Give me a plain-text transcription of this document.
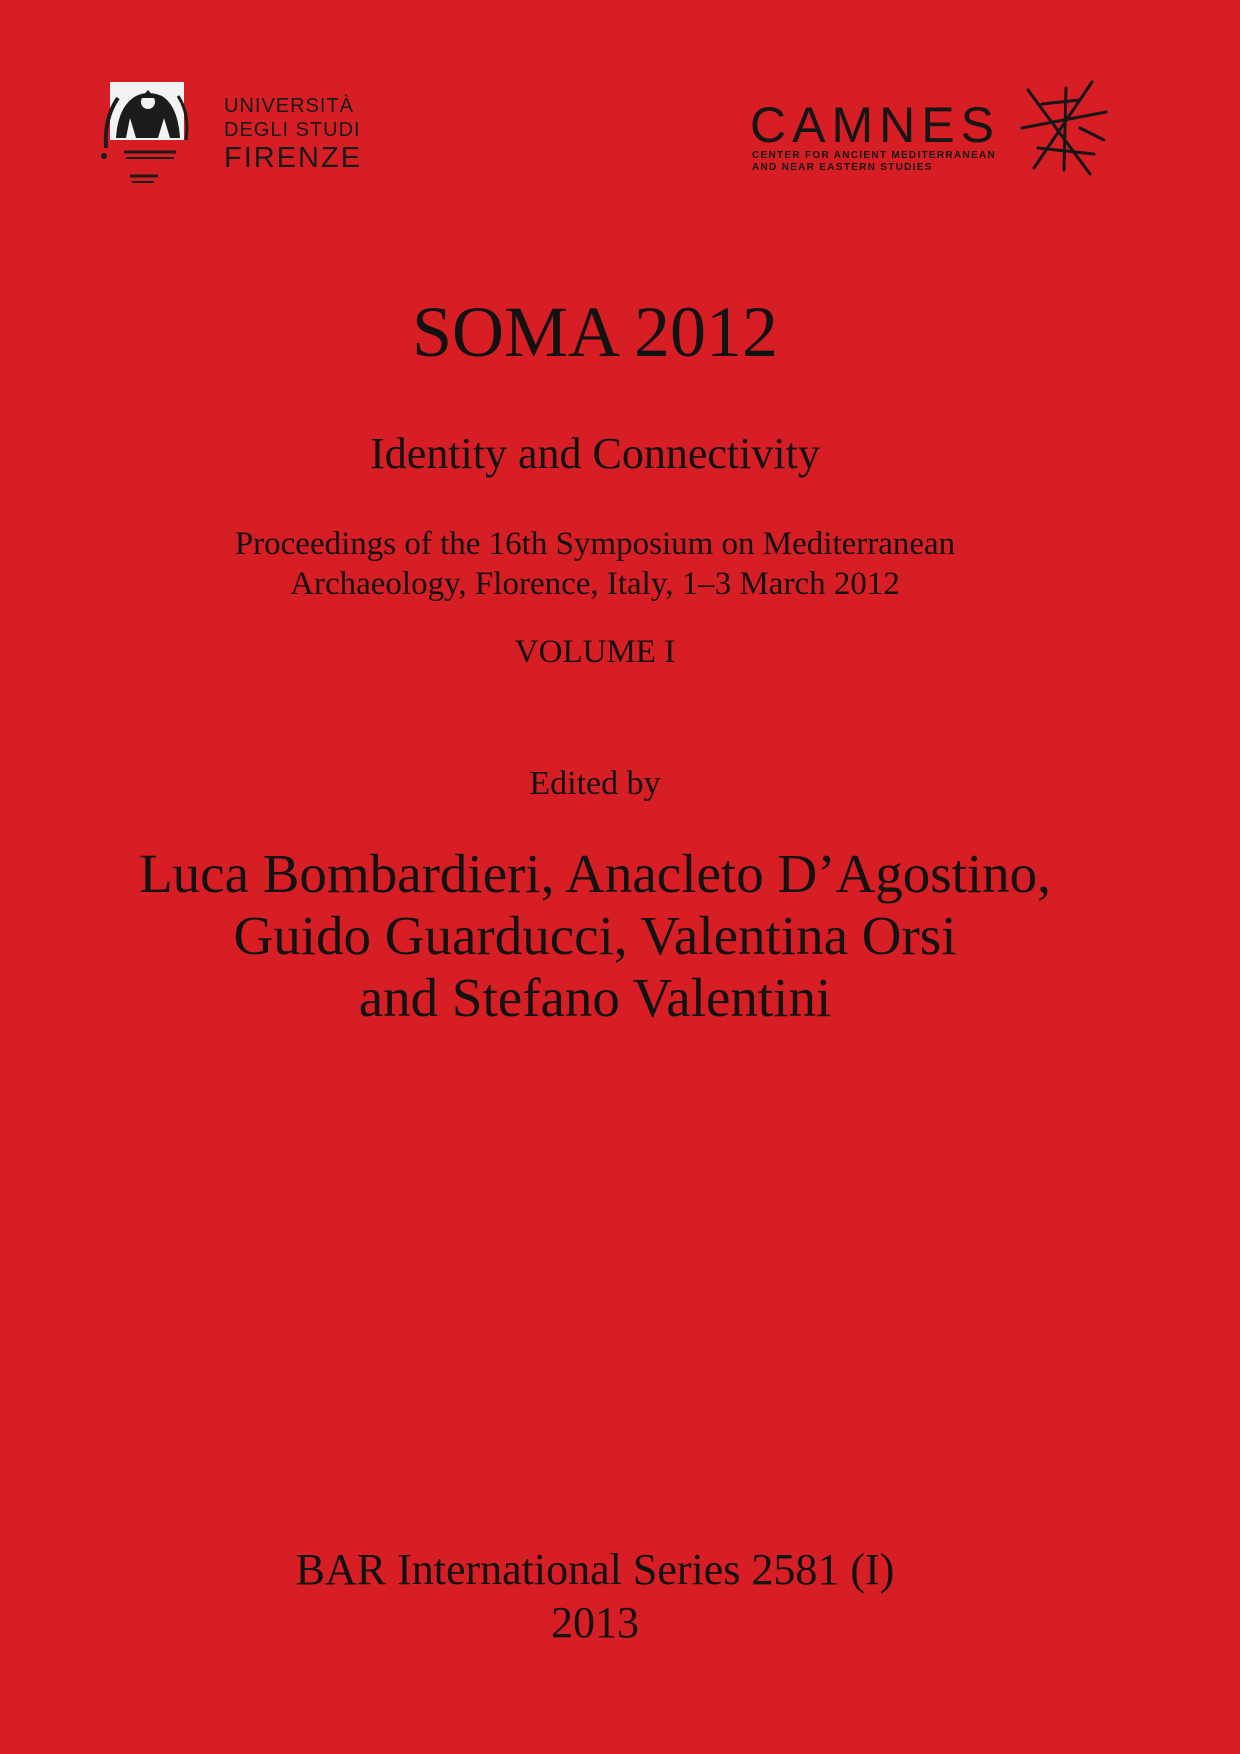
UNIVERSITÀ
DEGLI STUDI
FIRENZE
CAMNES
CENTER FOR ANCIENT MEDITERRANEAN
AND NEAR EASTERN STUDIES
SOMA 2012
Identity and Connectivity
Proceedings of the 16th Symposium on Mediterranean
Archaeology, Florence, Italy, 1–3 March 2012
VOLUME I
Edited by
Luca Bombardieri, Anacleto D’Agostino,
Guido Guarducci, Valentina Orsi
and Stefano Valentini
BAR International Series 2581 (I)
2013
